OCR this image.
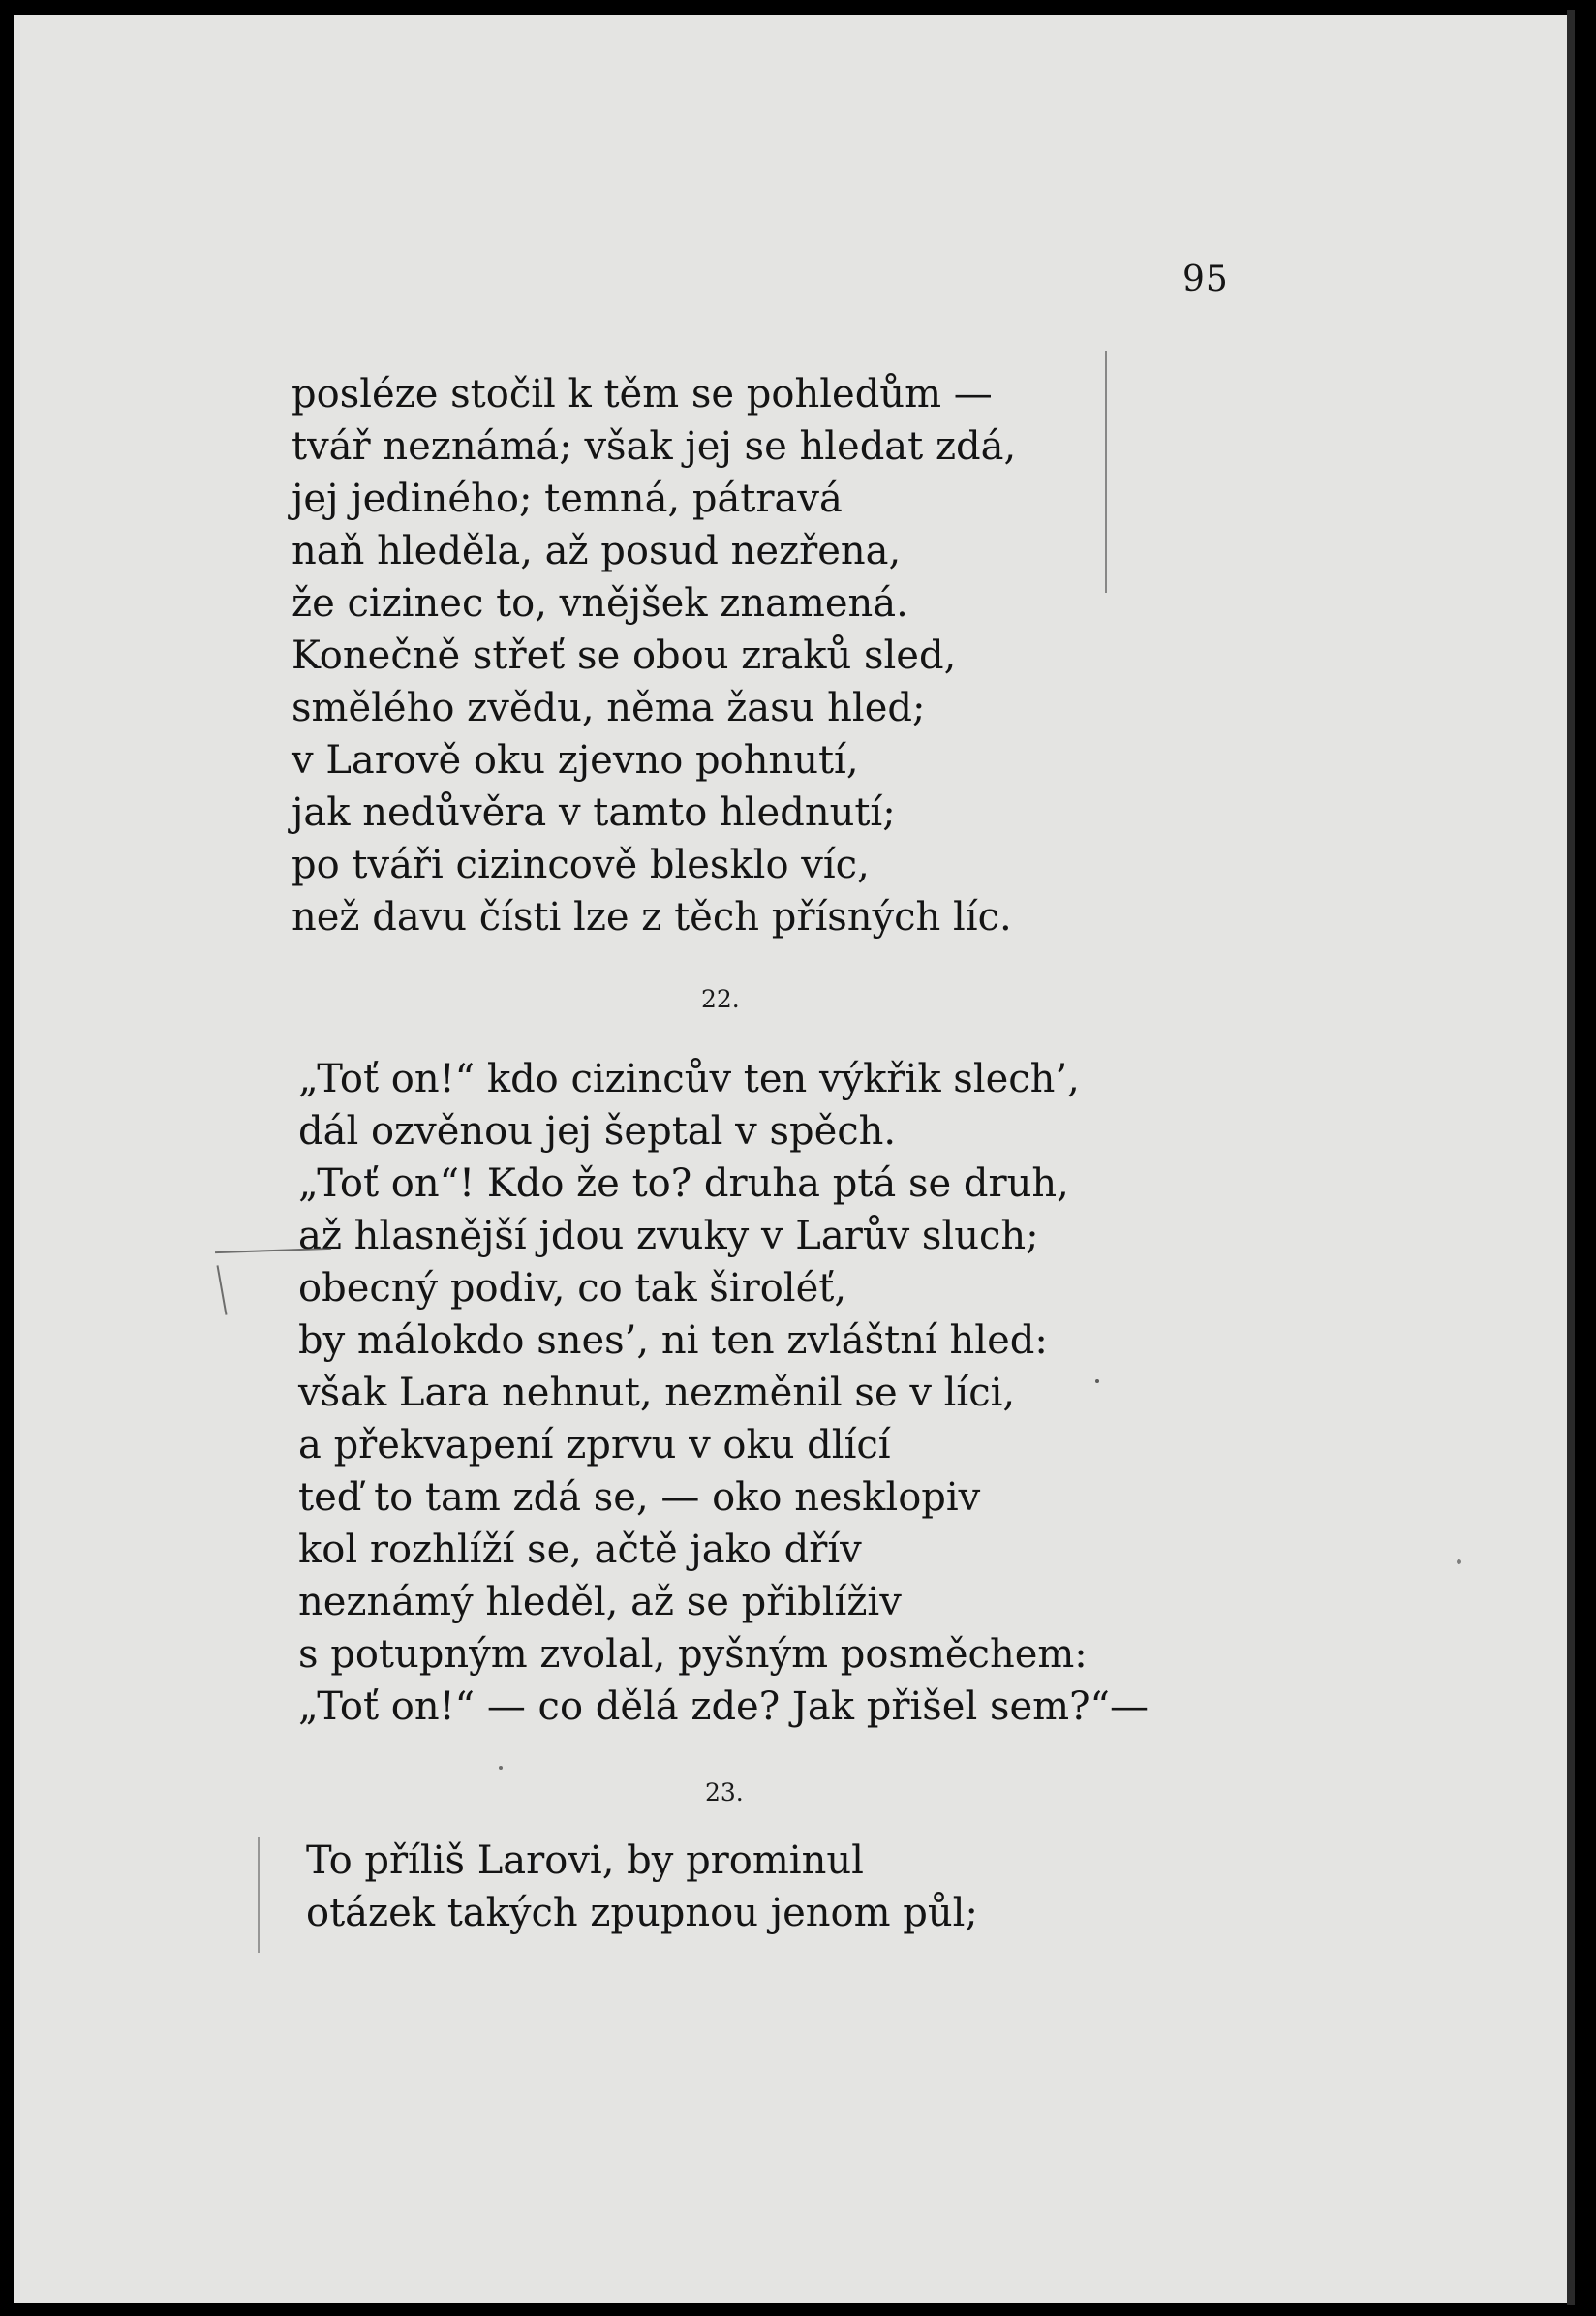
95
posléze stočil k těm se pohledům —
tvář neznámá; však jej se hledat zdá,
jej jediného; temná, pátravá
naň hleděla, až posud nezřena,
že cizinec to, vnějšek znamená.
Konečně střeť se obou zraků sled,
smělého zvědu, něma žasu hled;
v Larově oku zjevno pohnutí,
jak nedůvěra v tamto hlednutí;
po tváři cizincově blesklo víc,
než davu čísti lze z těch přísných líc.
22.
„Toť on!“ kdo cizincův ten výkřik slech’,
dál ozvěnou jej šeptal v spěch.
„Toť on“! Kdo že to? druha ptá se druh,
až hlasnější jdou zvuky v Larův sluch;
obecný podiv, co tak široléť,
by málokdo snes’, ni ten zvláštní hled:
však Lara nehnut, nezměnil se v líci,
a překvapení zprvu v oku dlící
teď to tam zdá se, — oko nesklopiv
kol rozhlíží se, ačtě jako dřív
neznámý hleděl, až se přiblíživ
s potupným zvolal, pyšným posměchem:
„Toť on!“ — co dělá zde? Jak přišel sem?“—
23.
To příliš Larovi, by prominul
otázek takých zpupnou jenom půl;
